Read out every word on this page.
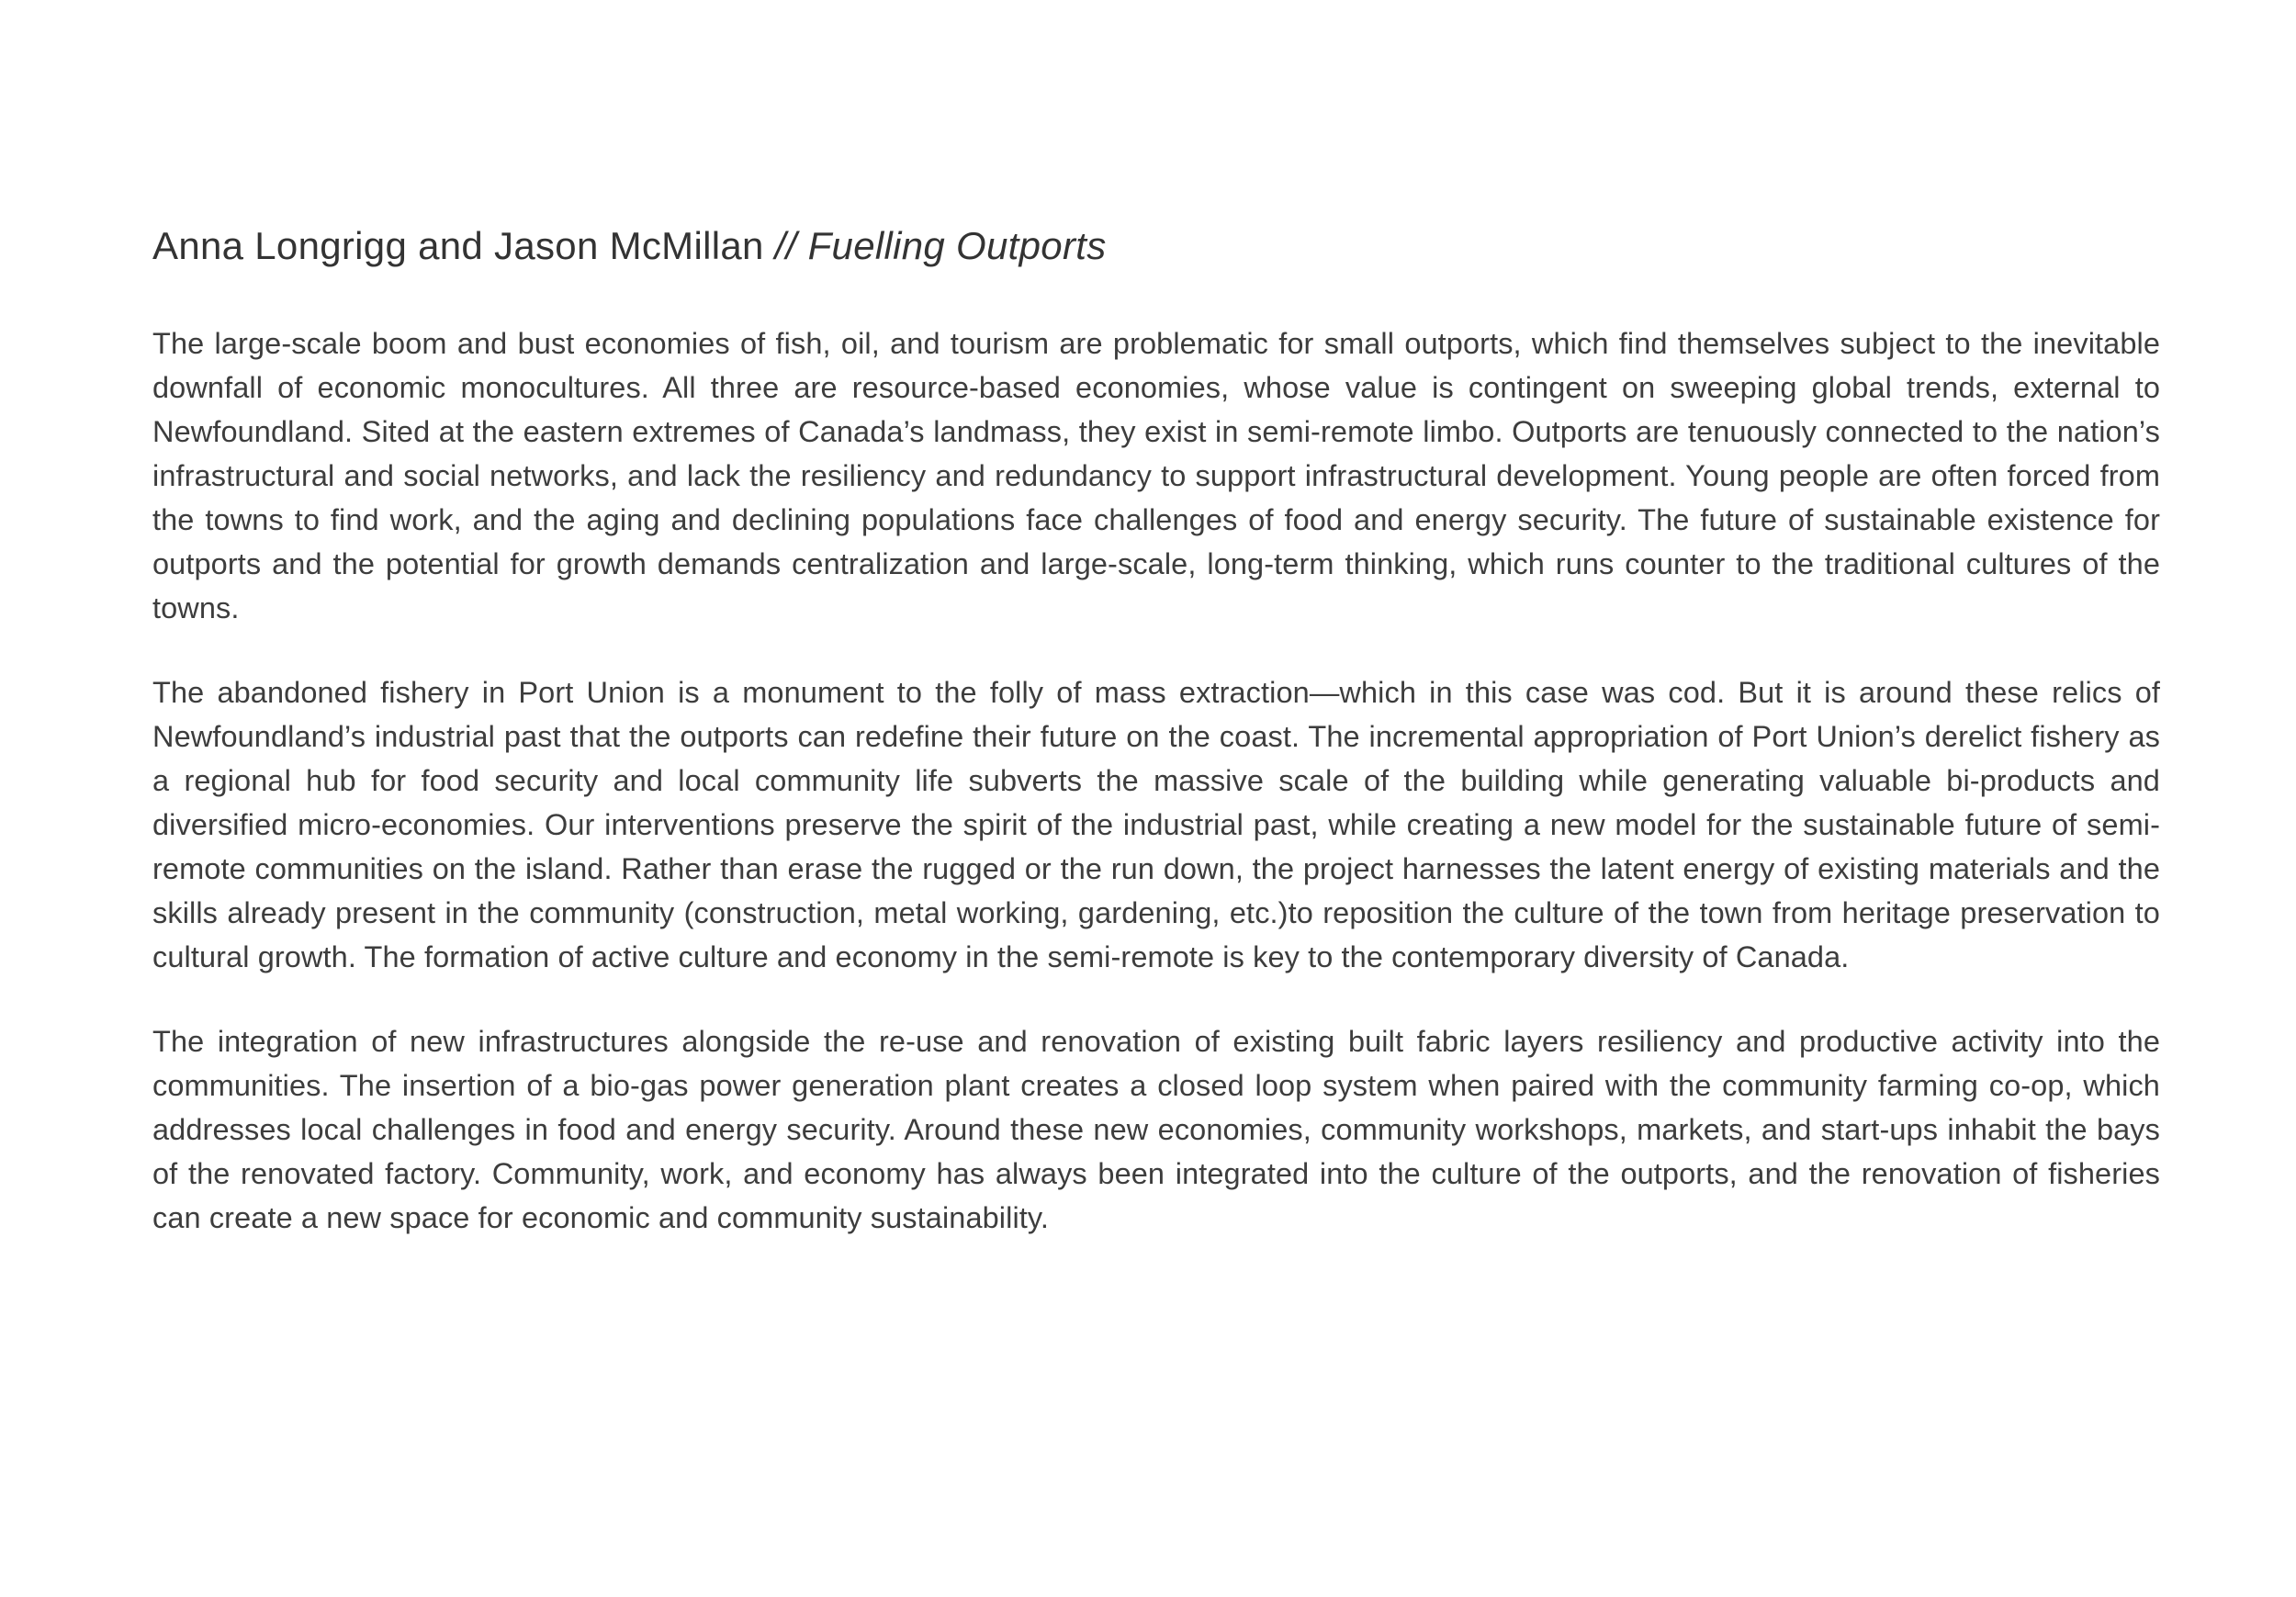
Anna Longrigg and Jason McMillan // Fuelling Outports

The large-scale boom and bust economies of fish, oil, and tourism are problematic for small outports, which find themselves subject to the inevitable downfall of economic monocultures. All three are resource-based economies, whose value is contingent on sweeping global trends, external to Newfoundland. Sited at the eastern extremes of Canada’s landmass, they exist in semi-remote limbo. Outports are tenuously connected to the nation’s infrastructural and social networks, and lack the resiliency and redundancy to support infrastructural development. Young people are often forced from the towns to find work, and the aging and declining populations face challenges of food and energy security. The future of sustainable existence for outports and the potential for growth demands centralization and large-scale, long-term thinking, which runs counter to the traditional cultures of the towns.

The abandoned fishery in Port Union is a monument to the folly of mass extraction—which in this case was cod. But it is around these relics of Newfoundland’s industrial past that the outports can redefine their future on the coast. The incremental appropriation of Port Union’s derelict fishery as a regional hub for food security and local community life subverts the massive scale of the building while generating valuable bi-products and diversified micro-economies. Our interventions preserve the spirit of the industrial past, while creating a new model for the sustainable future of semi-remote communities on the island. Rather than erase the rugged or the run down, the project harnesses the latent energy of existing materials and the skills already present in the community (construction, metal working, gardening, etc.)to reposition the culture of the town from heritage preservation to cultural growth. The formation of active culture and economy in the semi-remote is key to the contemporary diversity of Canada.

The integration of new infrastructures alongside the re-use and renovation of existing built fabric layers resiliency and productive activity into the communities. The insertion of a bio-gas power generation plant creates a closed loop system when paired with the community farming co-op, which addresses local challenges in food and energy security. Around these new economies, community workshops, markets, and start-ups inhabit the bays of the renovated factory. Community, work, and economy has always been integrated into the culture of the outports, and the renovation of fisheries can create a new space for economic and community sustainability.
